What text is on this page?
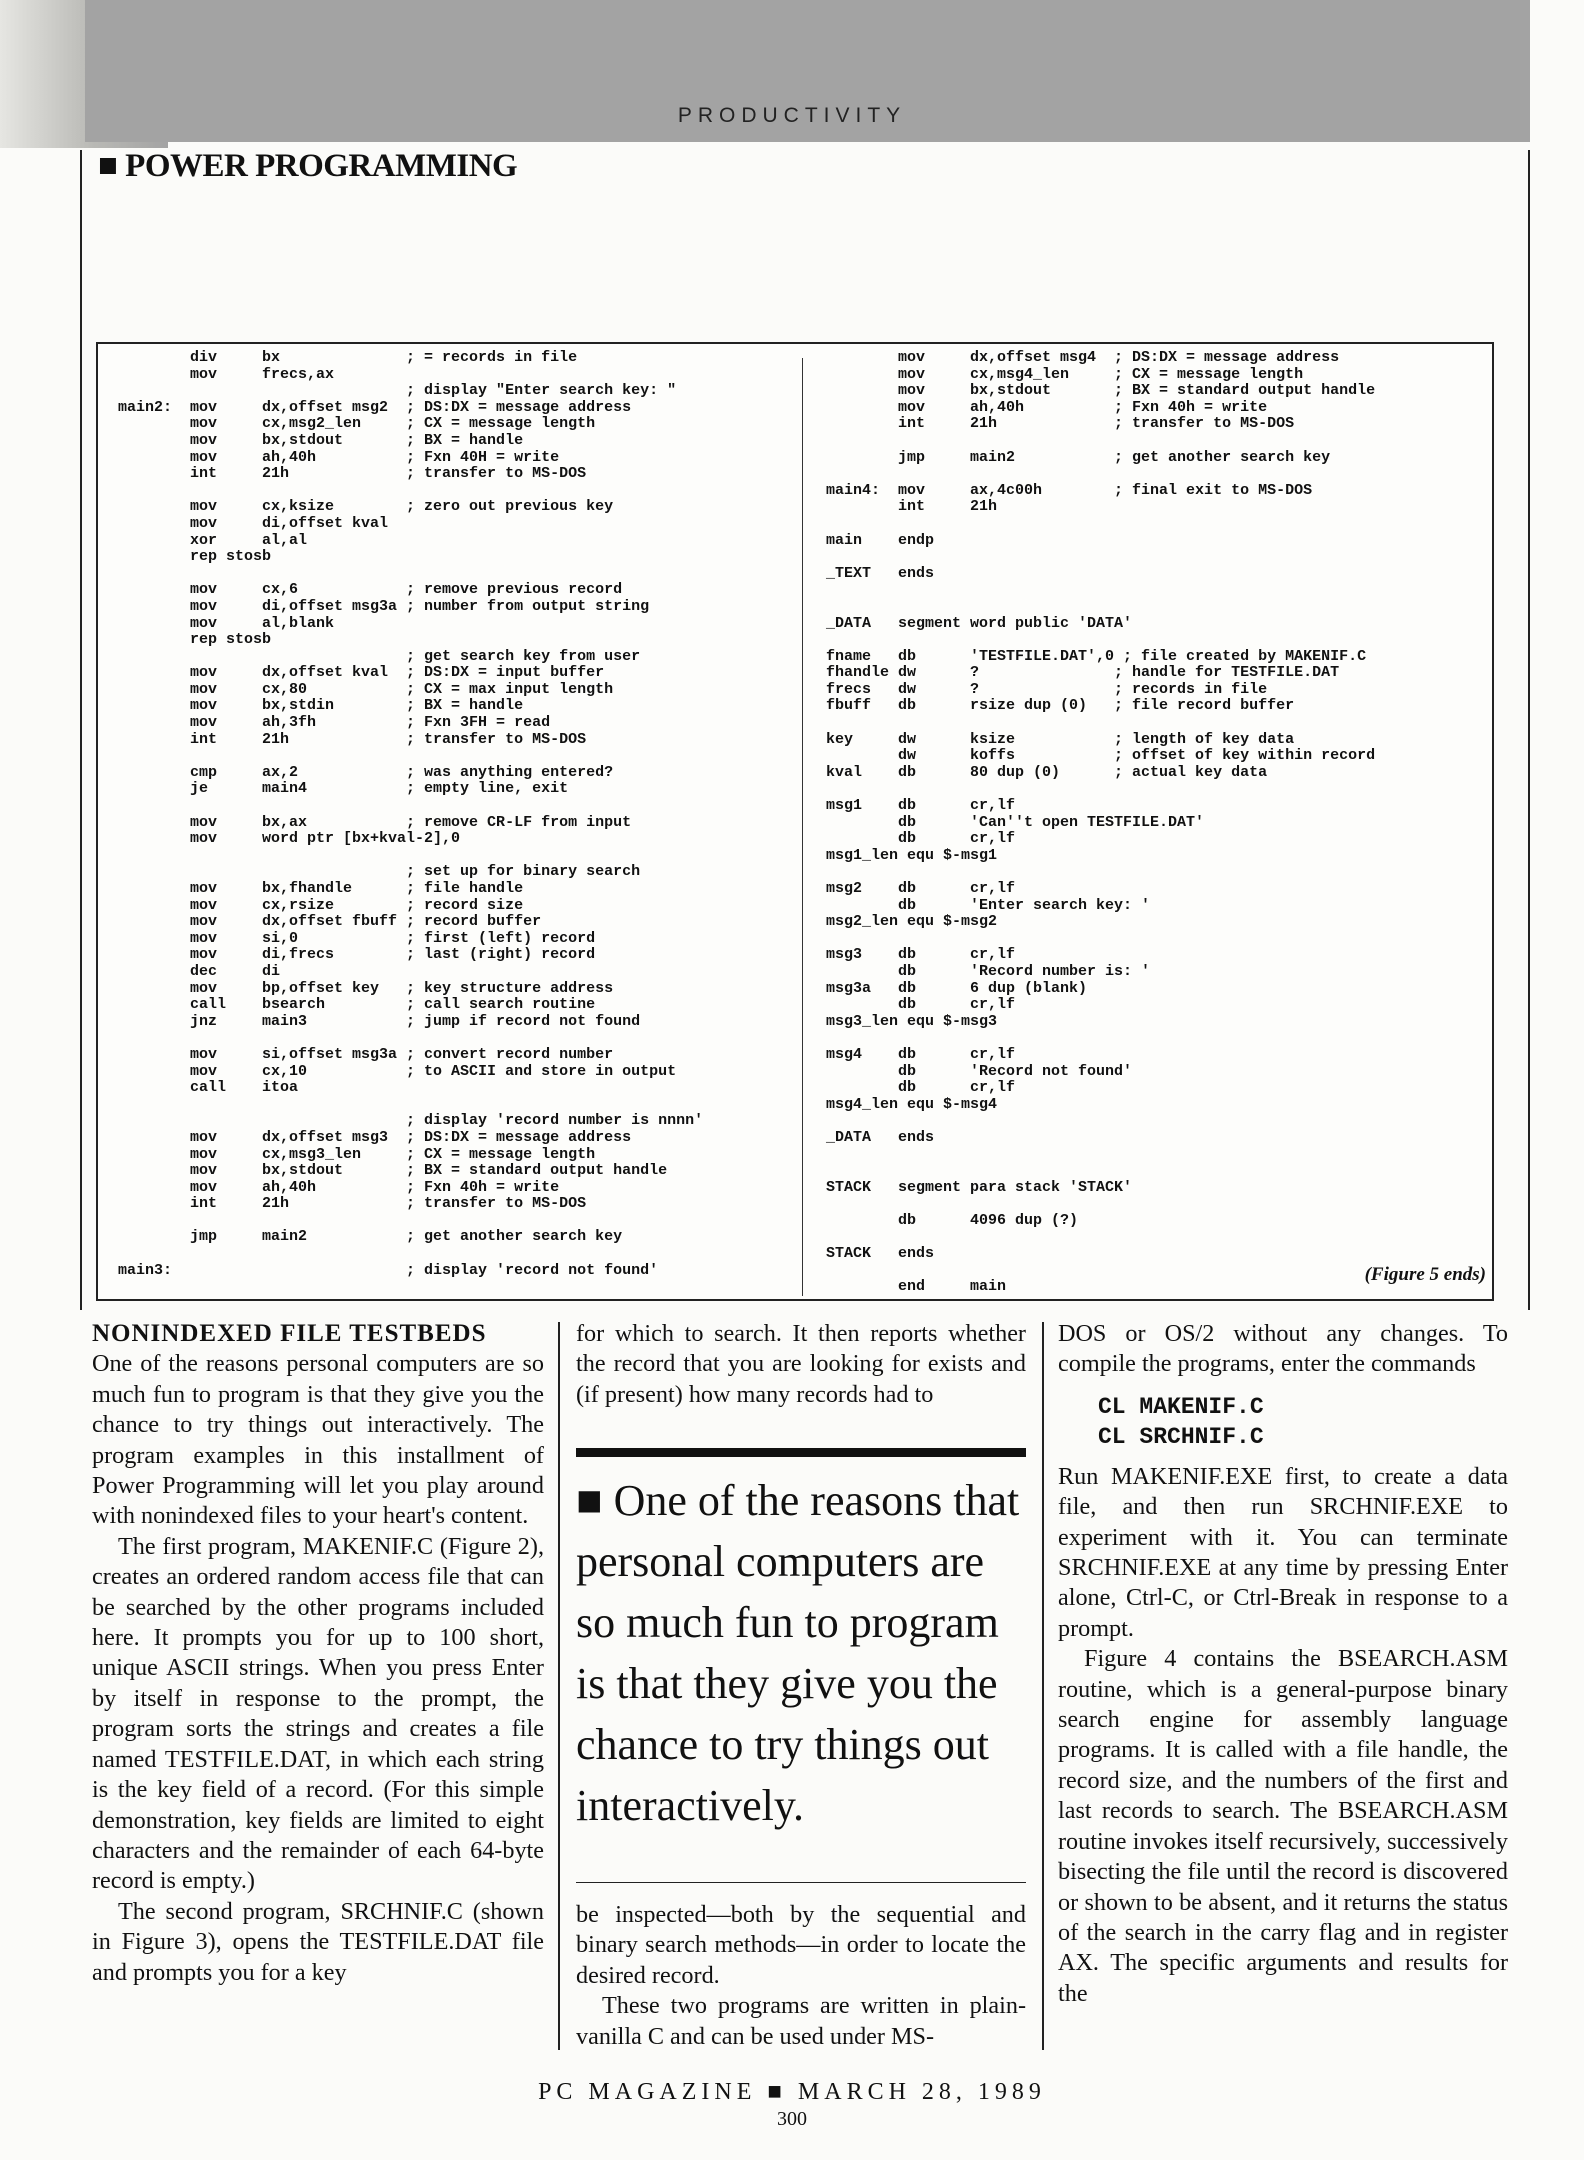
PRODUCTIVITY
■ POWER PROGRAMMING
div     bx              ; = records in file
mov     frecs,ax
; display "Enter search key: "
main2:  mov     dx,offset msg2  ; DS:DX = message address
mov     cx,msg2_len     ; CX = message length
mov     bx,stdout       ; BX = handle
mov     ah,40h          ; Fxn 40H = write
int     21h             ; transfer to MS-DOS

mov     cx,ksize        ; zero out previous key
mov     di,offset kval
xor     al,al
rep stosb

mov     cx,6            ; remove previous record
mov     di,offset msg3a ; number from output string
mov     al,blank
rep stosb
; get search key from user
mov     dx,offset kval  ; DS:DX = input buffer
mov     cx,80           ; CX = max input length
mov     bx,stdin        ; BX = handle
mov     ah,3fh          ; Fxn 3FH = read
int     21h             ; transfer to MS-DOS

cmp     ax,2            ; was anything entered?
je      main4           ; empty line, exit

mov     bx,ax           ; remove CR-LF from input
mov     word ptr [bx+kval-2],0

; set up for binary search
mov     bx,fhandle      ; file handle
mov     cx,rsize        ; record size
mov     dx,offset fbuff ; record buffer
mov     si,0            ; first (left) record
mov     di,frecs        ; last (right) record
dec     di
mov     bp,offset key   ; key structure address
call    bsearch         ; call search routine
jnz     main3           ; jump if record not found

mov     si,offset msg3a ; convert record number
mov     cx,10           ; to ASCII and store in output
call    itoa

; display 'record number is nnnn'
mov     dx,offset msg3  ; DS:DX = message address
mov     cx,msg3_len     ; CX = message length
mov     bx,stdout       ; BX = standard output handle
mov     ah,40h          ; Fxn 40h = write
int     21h             ; transfer to MS-DOS

jmp     main2           ; get another search key

main3:                          ; display 'record not found'
mov     dx,offset msg4  ; DS:DX = message address
mov     cx,msg4_len     ; CX = message length
mov     bx,stdout       ; BX = standard output handle
mov     ah,40h          ; Fxn 40h = write
int     21h             ; transfer to MS-DOS

jmp     main2           ; get another search key

main4:  mov     ax,4c00h        ; final exit to MS-DOS
int     21h

main    endp

_TEXT   ends

_DATA   segment word public 'DATA'

fname   db      'TESTFILE.DAT',0 ; file created by MAKENIF.C
fhandle dw      ?               ; handle for TESTFILE.DAT
frecs   dw      ?               ; records in file
fbuff   db      rsize dup (0)   ; file record buffer

key     dw      ksize           ; length of key data
dw      koffs           ; offset of key within record
kval    db      80 dup (0)      ; actual key data

msg1    db      cr,lf
db      'Can''t open TESTFILE.DAT'
db      cr,lf
msg1_len equ $-msg1

msg2    db      cr,lf
db      'Enter search key: '
msg2_len equ $-msg2

msg3    db      cr,lf
db      'Record number is: '
msg3a   db      6 dup (blank)
db      cr,lf
msg3_len equ $-msg3

msg4    db      cr,lf
db      'Record not found'
db      cr,lf
msg4_len equ $-msg4

_DATA   ends

STACK   segment para stack 'STACK'

db      4096 dup (?)

STACK   ends

end     main
(Figure 5 ends)
NONINDEXED FILE TESTBEDS

One of the reasons personal computers are so much fun to program is that they give you the chance to try things out interactively. The program examples in this installment of Power Programming will let you play around with nonindexed files to your heart's content.

The first program, MAKENIF.C (Figure 2), creates an ordered random access file that can be searched by the other programs included here. It prompts you for up to 100 short, unique ASCII strings. When you press Enter by itself in response to the prompt, the program sorts the strings and creates a file named TESTFILE.DAT, in which each string is the key field of a record. (For this simple demonstration, key fields are limited to eight characters and the remainder of each 64-byte record is empty.)

The second program, SRCHNIF.C (shown in Figure 3), opens the TESTFILE.DAT file and prompts you for a key

for which to search. It then reports whether the record that you are looking for exists and (if present) how many records had to

■ One of the reasons that personal computers are so much fun to program is that they give you the chance to try things out interactively.

be inspected—both by the sequential and binary search methods—in order to locate the desired record.

These two programs are written in plain-vanilla C and can be used under MS-

DOS or OS/2 without any changes. To compile the programs, enter the commands

CL MAKENIF.C
CL SRCHNIF.C

Run MAKENIF.EXE first, to create a data file, and then run SRCHNIF.EXE to experiment with it. You can terminate SRCHNIF.EXE at any time by pressing Enter alone, Ctrl-C, or Ctrl-Break in response to a prompt.

Figure 4 contains the BSEARCH.ASM routine, which is a general-purpose binary search engine for assembly language programs. It is called with a file handle, the record size, and the numbers of the first and last records to search. The BSEARCH.ASM routine invokes itself recursively, successively bisecting the file until the record is discovered or shown to be absent, and it returns the status of the search in the carry flag and in register AX. The specific arguments and results for the

PC MAGAZINE ■ MARCH 28, 1989
300
